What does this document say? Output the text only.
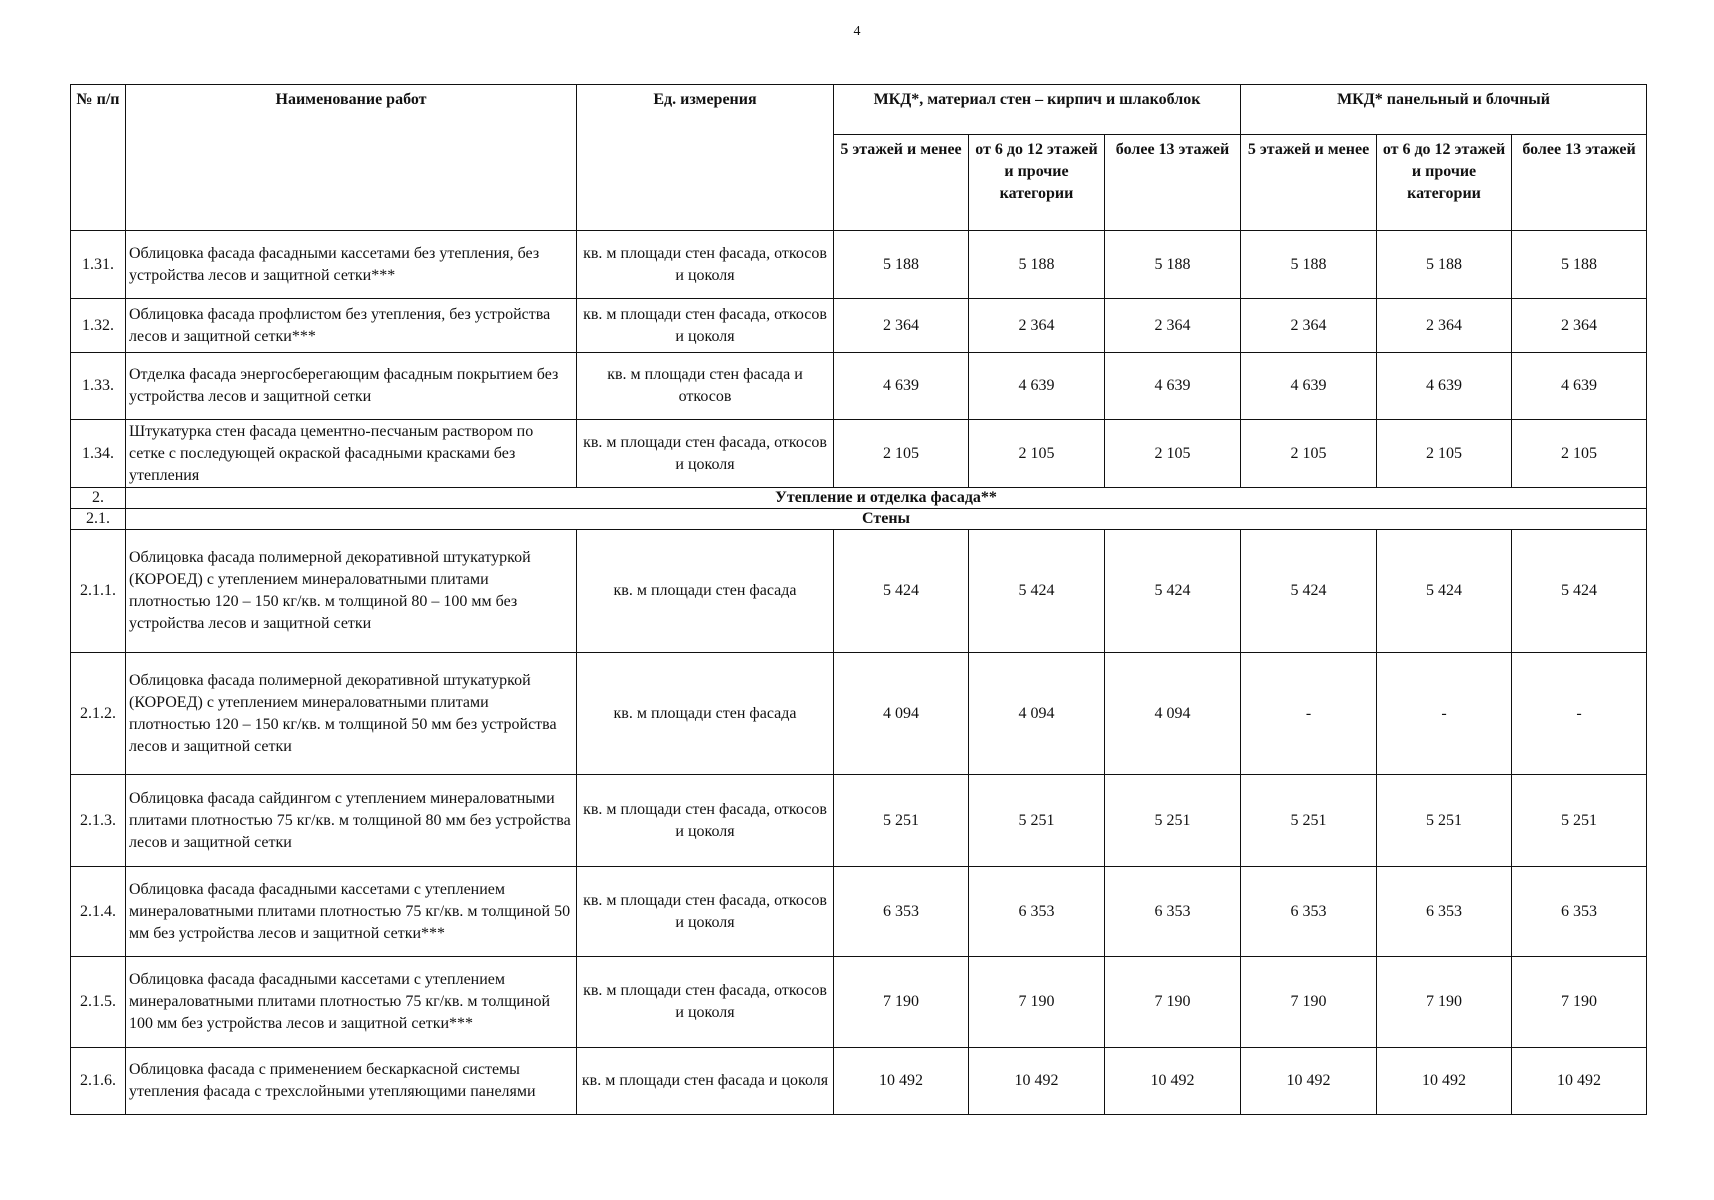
4
№ п/п	Наименование работ	Ед. измерения	МКД*, материал стен – кирпич и шлакоблок			МКД* панельный и блочный		
			5 этажей и менее	от 6 до 12 этажей и прочие категории	более 13 этажей	5 этажей и менее	от 6 до 12 этажей и прочие категории	более 13 этажей
1.31.	Облицовка фасада фасадными кассетами без утепления, без устройства лесов и защитной сетки***	кв. м площади стен фасада, откосов и цоколя	5 188	5 188	5 188	5 188	5 188	5 188
1.32.	Облицовка фасада профлистом без утепления, без устройства лесов и защитной сетки***	кв. м площади стен фасада, откосов и цоколя	2 364	2 364	2 364	2 364	2 364	2 364
1.33.	Отделка фасада энергосберегающим фасадным покрытием без устройства лесов и защитной сетки	кв. м площади стен фасада и откосов	4 639	4 639	4 639	4 639	4 639	4 639
1.34.	Штукатурка стен фасада цементно-песчаным раствором по сетке с последующей окраской фасадными красками без утепления	кв. м площади стен фасада, откосов и цоколя	2 105	2 105	2 105	2 105	2 105	2 105
2.	Утепление и отделка фасада**							
2.1.	Стены							
2.1.1.	Облицовка фасада полимерной декоративной штукатуркой (КОРОЕД) с утеплением минераловатными плитами плотностью 120 – 150 кг/кв. м толщиной 80 – 100 мм без устройства лесов и защитной сетки	кв. м площади стен фасада	5 424	5 424	5 424	5 424	5 424	5 424
2.1.2.	Облицовка фасада полимерной декоративной штукатуркой (КОРОЕД) с утеплением минераловатными плитами плотностью 120 – 150 кг/кв. м толщиной 50 мм без устройства лесов и защитной сетки	кв. м площади стен фасада	4 094	4 094	4 094	-	-	-
2.1.3.	Облицовка фасада сайдингом с утеплением минераловатными плитами плотностью 75 кг/кв. м толщиной 80 мм без устройства лесов и защитной сетки	кв. м площади стен фасада, откосов и цоколя	5 251	5 251	5 251	5 251	5 251	5 251
2.1.4.	Облицовка фасада фасадными кассетами с утеплением минераловатными плитами плотностью 75 кг/кв. м толщиной 50 мм без устройства лесов и защитной сетки***	кв. м площади стен фасада, откосов и цоколя	6 353	6 353	6 353	6 353	6 353	6 353
2.1.5.	Облицовка фасада фасадными кассетами с утеплением минераловатными плитами плотностью 75 кг/кв. м толщиной 100 мм без устройства лесов и защитной сетки***	кв. м площади стен фасада, откосов и цоколя	7 190	7 190	7 190	7 190	7 190	7 190
2.1.6.	Облицовка фасада с применением бескаркасной системы утепления фасада с трехслойными утепляющими панелями	кв. м площади стен фасада и цоколя	10 492	10 492	10 492	10 492	10 492	10 492
